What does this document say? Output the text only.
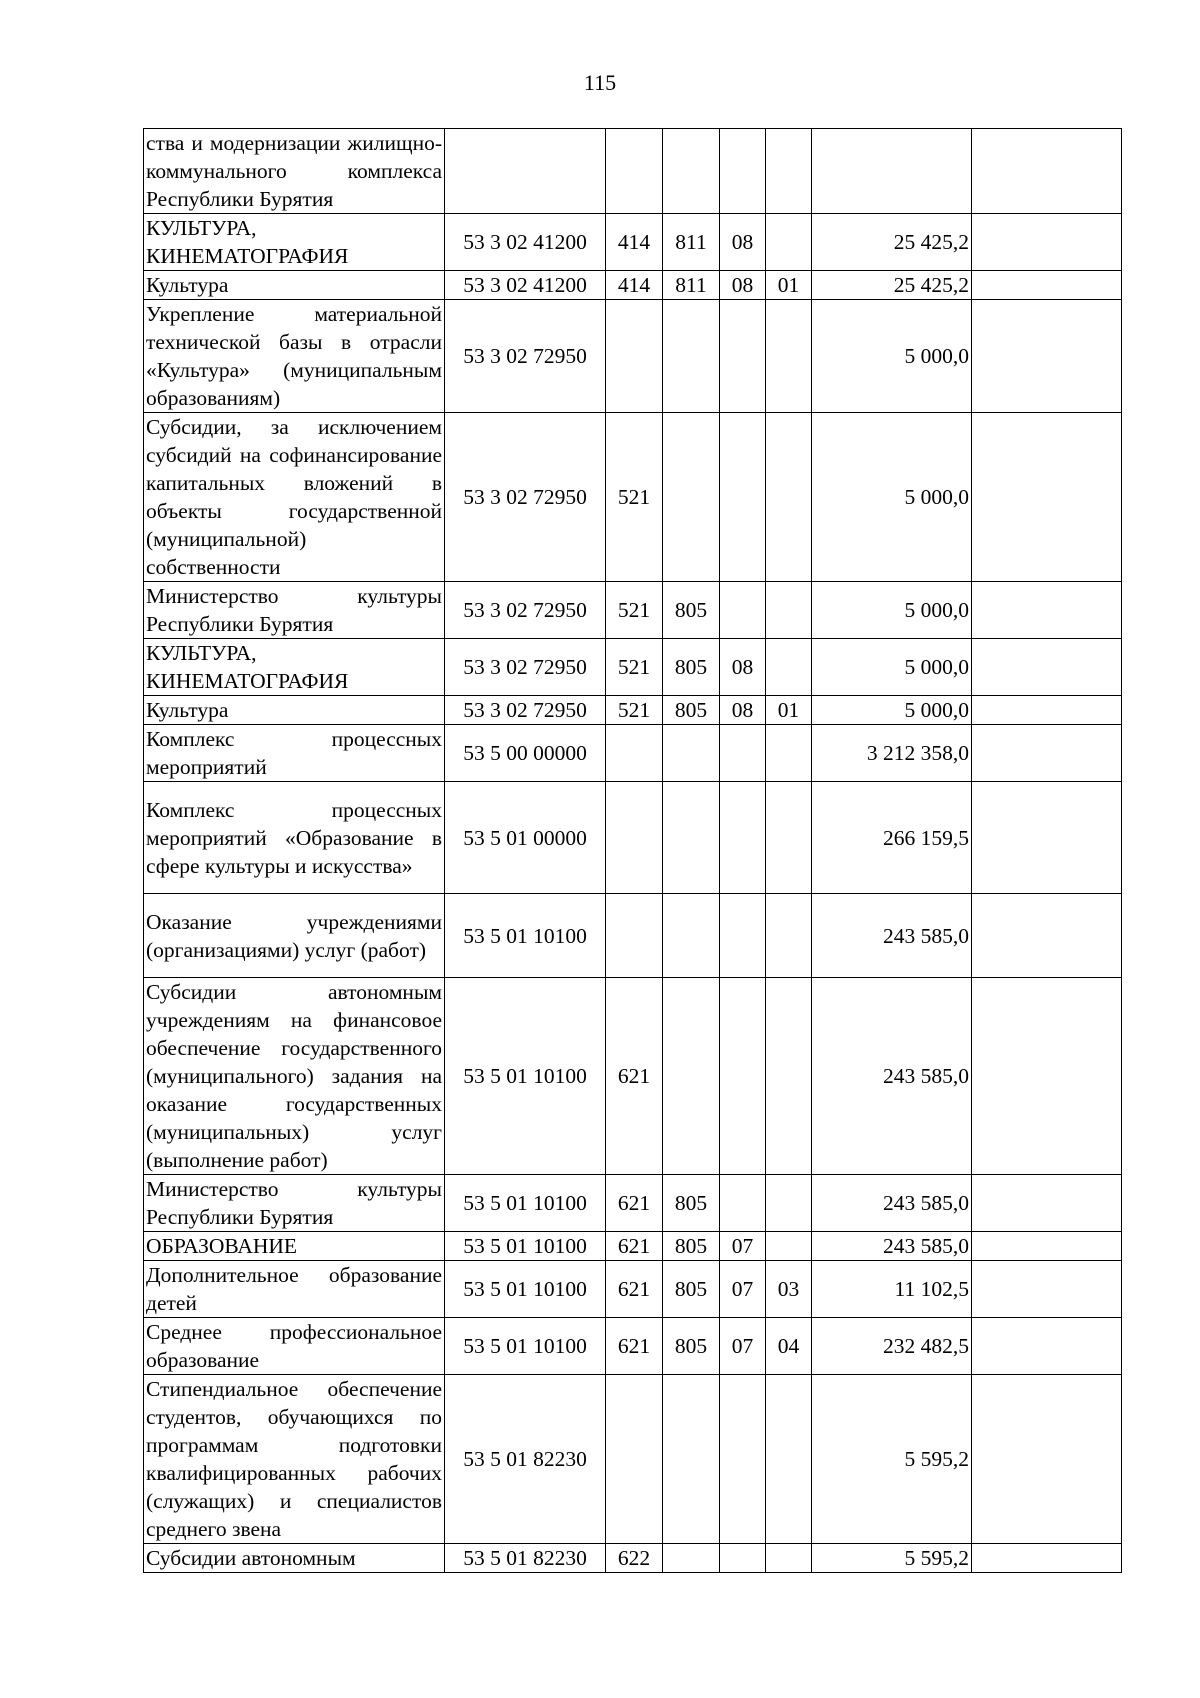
115
ства и модернизации жилищно-коммунального комплекса Республики Бурятия							
КУЛЬТУРА, КИНЕМАТОГРАФИЯ	53 3 02 41200	414	811	08		25 425,2	
Культура	53 3 02 41200	414	811	08	01	25 425,2	
Укрепление материальной технической базы в отрасли «Культура» (муниципальным образованиям)	53 3 02 72950					5 000,0	
Субсидии, за исключением субсидий на софинансирование капитальных вложений в объекты государственной (муниципальной) собственности	53 3 02 72950	521				5 000,0	
Министерство культуры Республики Бурятия	53 3 02 72950	521	805			5 000,0	
КУЛЬТУРА, КИНЕМАТОГРАФИЯ	53 3 02 72950	521	805	08		5 000,0	
Культура	53 3 02 72950	521	805	08	01	5 000,0	
Комплекс процессных мероприятий	53 5 00 00000					3 212 358,0	
Комплекс процессных мероприятий «Образование в сфере культуры и искусства»	53 5 01 00000					266 159,5	
Оказание учреждениями (организациями) услуг (работ)	53 5 01 10100					243 585,0	
Субсидии автономным учреждениям на финансовое обеспечение государственного (муниципального) задания на оказание государственных (муниципальных) услуг (выполнение работ)	53 5 01 10100	621				243 585,0	
Министерство культуры Республики Бурятия	53 5 01 10100	621	805			243 585,0	
ОБРАЗОВАНИЕ	53 5 01 10100	621	805	07		243 585,0	
Дополнительное образование детей	53 5 01 10100	621	805	07	03	11 102,5	
Среднее профессиональное образование	53 5 01 10100	621	805	07	04	232 482,5	
Стипендиальное обеспечение студентов, обучающихся по программам подготовки квалифицированных рабочих (служащих) и специалистов среднего звена	53 5 01 82230					5 595,2	
Субсидии автономным	53 5 01 82230	622				5 595,2	
